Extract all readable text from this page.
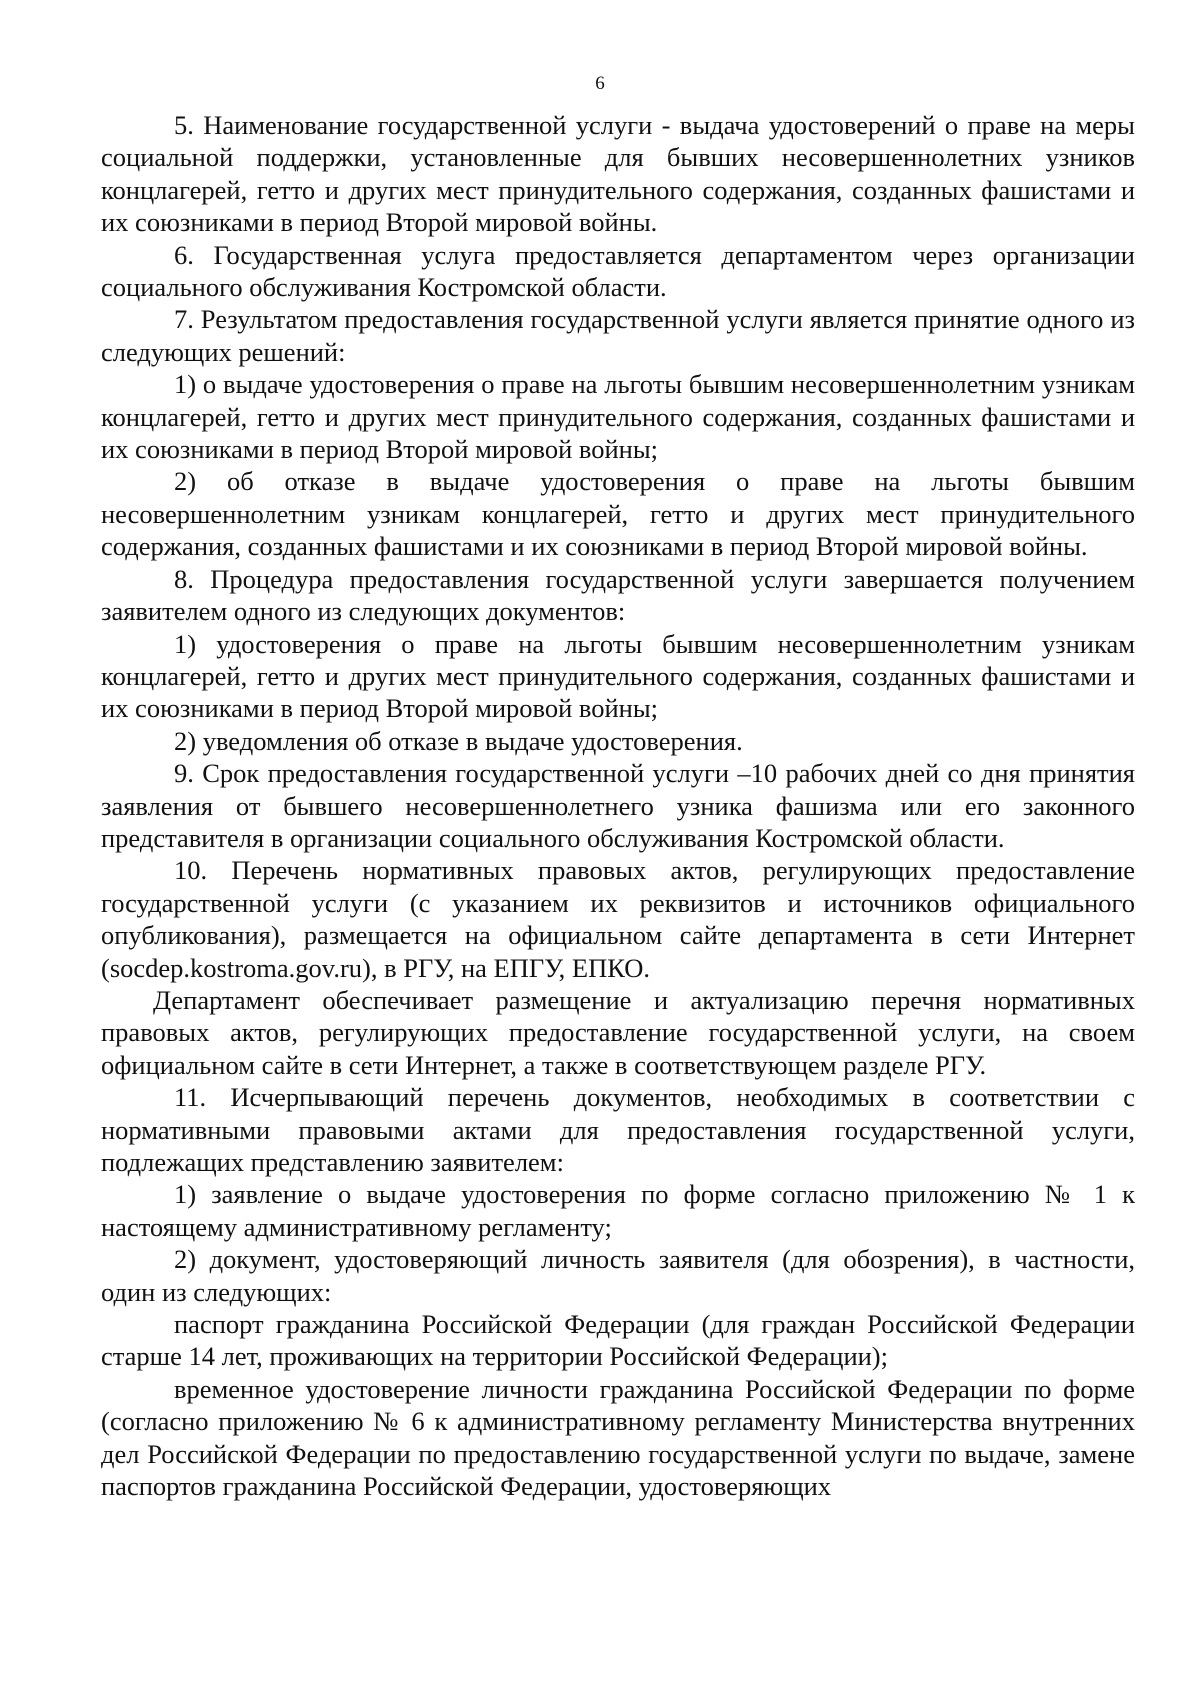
6

5. Наименование государственной услуги - выдача удостоверений о праве на меры социальной поддержки, установленные для бывших несовершеннолетних узников концлагерей, гетто и других мест принудительного содержания, созданных фашистами и их союзниками в период Второй мировой войны.

6. Государственная услуга предоставляется департаментом через организации социального обслуживания Костромской области.

7. Результатом предоставления государственной услуги является принятие одного из следующих решений:

1) о выдаче удостоверения о праве на льготы бывшим несовершеннолетним узникам концлагерей, гетто и других мест принудительного содержания, созданных фашистами и их союзниками в период Второй мировой войны;

2) об отказе в выдаче удостоверения о праве на льготы бывшим несовершеннолетним узникам концлагерей, гетто и других мест принудительного содержания, созданных фашистами и их союзниками в период Второй мировой войны.

8. Процедура предоставления государственной услуги завершается получением заявителем одного из следующих документов:

1) удостоверения о праве на льготы бывшим несовершеннолетним узникам концлагерей, гетто и других мест принудительного содержания, созданных фашистами и их союзниками в период Второй мировой войны;

2) уведомления об отказе в выдаче удостоверения.

9. Срок предоставления государственной услуги –10 рабочих дней со дня принятия заявления от бывшего несовершеннолетнего узника фашизма или его законного представителя в организации социального обслуживания Костромской области.

10. Перечень нормативных правовых актов, регулирующих предоставление государственной услуги (с указанием их реквизитов и источников официального опубликования), размещается на официальном сайте департамента в сети Интернет (socdep.kostroma.gov.ru), в РГУ, на ЕПГУ, ЕПКО.

Департамент обеспечивает размещение и актуализацию перечня нормативных правовых актов, регулирующих предоставление государственной услуги, на своем официальном сайте в сети Интернет, а также в соответствующем разделе РГУ.

11. Исчерпывающий перечень документов, необходимых в соответствии с нормативными правовыми актами для предоставления государственной услуги, подлежащих представлению заявителем:

1) заявление о выдаче удостоверения по форме согласно приложению № 1 к настоящему административному регламенту;

2) документ, удостоверяющий личность заявителя (для обозрения), в частности, один из следующих:

паспорт гражданина Российской Федерации (для граждан Российской Федерации старше 14 лет, проживающих на территории Российской Федерации);

временное удостоверение личности гражданина Российской Федерации по форме (согласно приложению № 6 к административному регламенту Министерства внутренних дел Российской Федерации по предоставлению государственной услуги по выдаче, замене паспортов гражданина Российской Федерации, удостоверяющих
